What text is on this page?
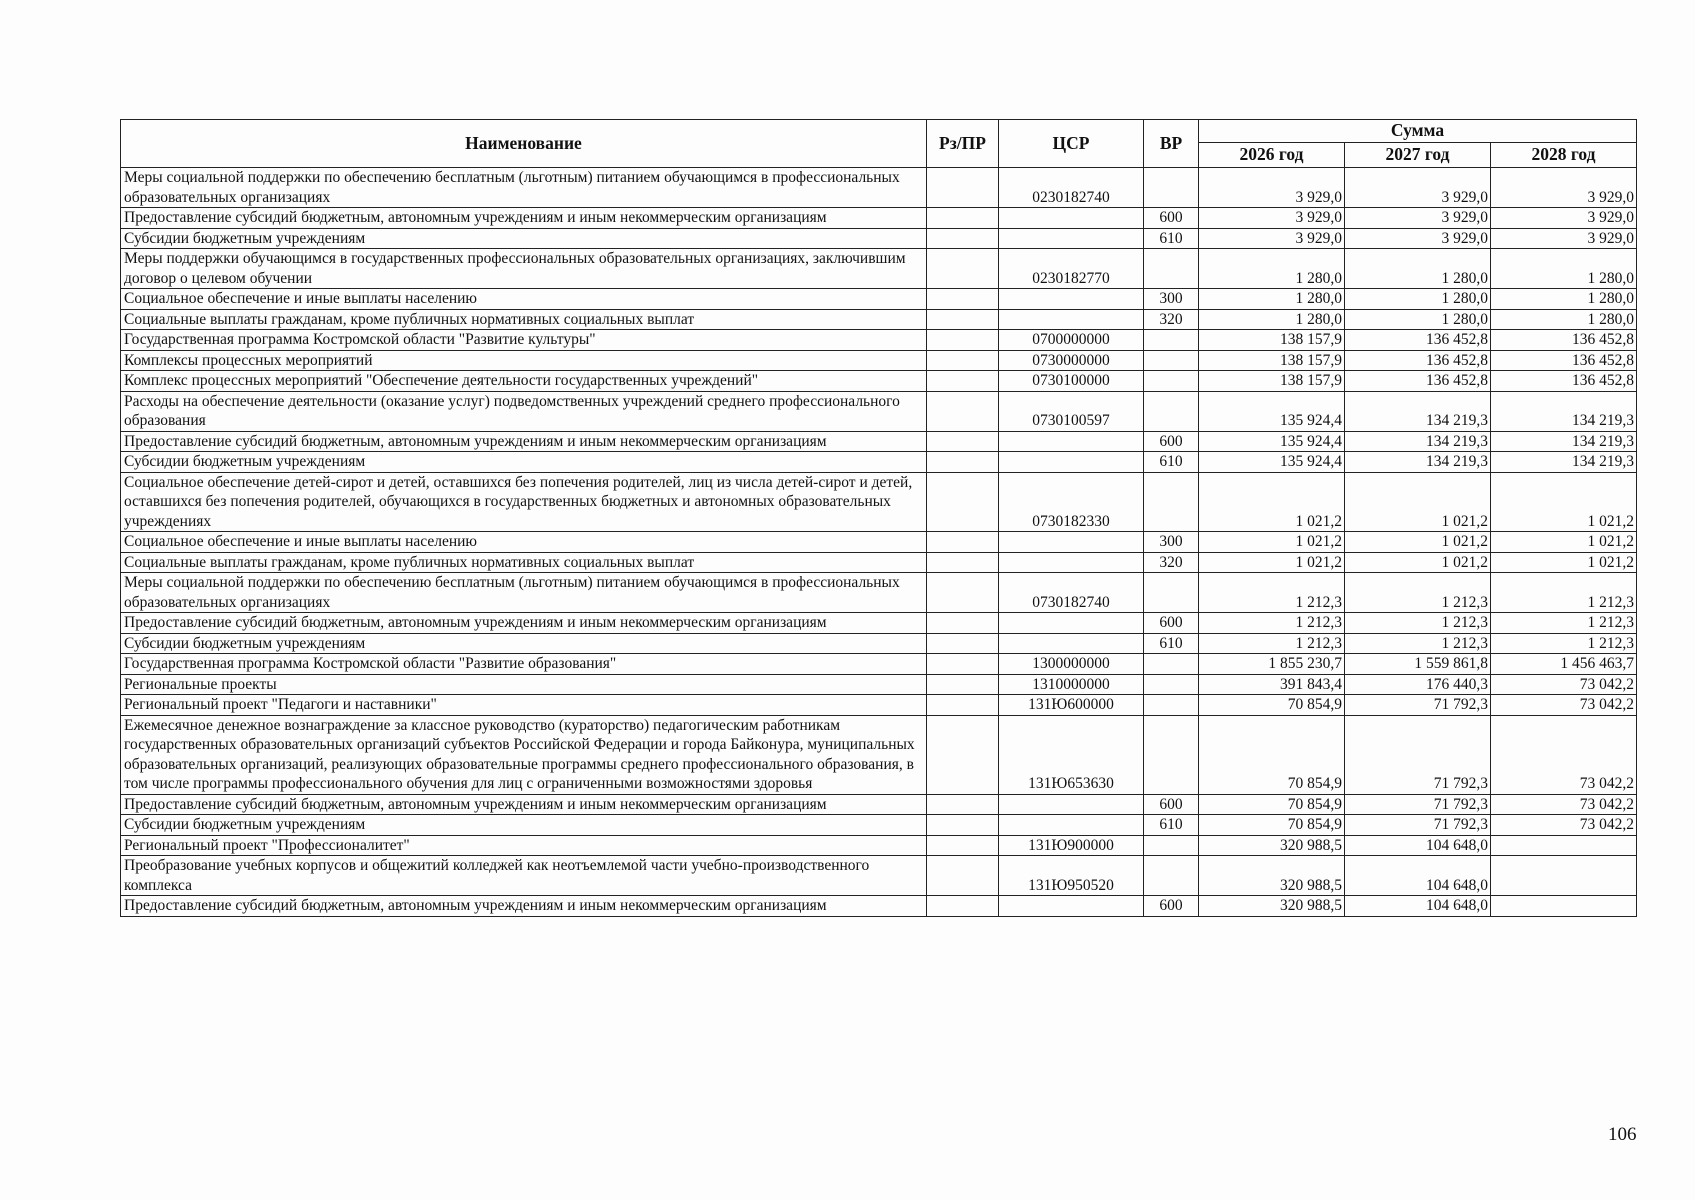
Наименование	Рз/ПР	ЦСР	ВР	Сумма		
				2026 год	2027 год	2028 год
Меры социальной поддержки по обеспечению бесплатным (льготным) питанием обучающимся в профессиональных образовательных организациях		0230182740		3 929,0	3 929,0	3 929,0
Предоставление субсидий бюджетным, автономным учреждениям и иным некоммерческим организациям			600	3 929,0	3 929,0	3 929,0
Субсидии бюджетным учреждениям			610	3 929,0	3 929,0	3 929,0
Меры поддержки обучающимся в государственных профессиональных образовательных организациях, заключившим договор о целевом обучении		0230182770		1 280,0	1 280,0	1 280,0
Социальное обеспечение и иные выплаты населению			300	1 280,0	1 280,0	1 280,0
Социальные выплаты гражданам, кроме публичных нормативных социальных выплат			320	1 280,0	1 280,0	1 280,0
Государственная программа Костромской области "Развитие культуры"		0700000000		138 157,9	136 452,8	136 452,8
Комплексы процессных мероприятий		0730000000		138 157,9	136 452,8	136 452,8
Комплекс процессных мероприятий "Обеспечение деятельности государственных учреждений"		0730100000		138 157,9	136 452,8	136 452,8
Расходы на обеспечение деятельности (оказание услуг) подведомственных учреждений среднего профессионального образования		0730100597		135 924,4	134 219,3	134 219,3
Предоставление субсидий бюджетным, автономным учреждениям и иным некоммерческим организациям			600	135 924,4	134 219,3	134 219,3
Субсидии бюджетным учреждениям			610	135 924,4	134 219,3	134 219,3
Социальное обеспечение детей-сирот и детей, оставшихся без попечения родителей, лиц из числа детей-сирот и детей, оставшихся без попечения родителей, обучающихся в государственных бюджетных и автономных образовательных учреждениях		0730182330		1 021,2	1 021,2	1 021,2
Социальное обеспечение и иные выплаты населению			300	1 021,2	1 021,2	1 021,2
Социальные выплаты гражданам, кроме публичных нормативных социальных выплат			320	1 021,2	1 021,2	1 021,2
Меры социальной поддержки по обеспечению бесплатным (льготным) питанием обучающимся в профессиональных образовательных организациях		0730182740		1 212,3	1 212,3	1 212,3
Предоставление субсидий бюджетным, автономным учреждениям и иным некоммерческим организациям			600	1 212,3	1 212,3	1 212,3
Субсидии бюджетным учреждениям			610	1 212,3	1 212,3	1 212,3
Государственная программа Костромской области "Развитие образования"		1300000000		1 855 230,7	1 559 861,8	1 456 463,7
Региональные проекты		1310000000		391 843,4	176 440,3	73 042,2
Региональный проект "Педагоги и наставники"		131Ю600000		70 854,9	71 792,3	73 042,2
Ежемесячное денежное вознаграждение за классное руководство (кураторство) педагогическим работникам государственных образовательных организаций субъектов Российской Федерации и города Байконура, муниципальных образовательных организаций, реализующих образовательные программы среднего профессионального образования, в том числе программы профессионального обучения для лиц с ограниченными возможностями здоровья		131Ю653630		70 854,9	71 792,3	73 042,2
Предоставление субсидий бюджетным, автономным учреждениям и иным некоммерческим организациям			600	70 854,9	71 792,3	73 042,2
Субсидии бюджетным учреждениям			610	70 854,9	71 792,3	73 042,2
Региональный проект "Профессионалитет"		131Ю900000		320 988,5	104 648,0	
Преобразование учебных корпусов и общежитий колледжей как неотъемлемой части учебно-производственного комплекса		131Ю950520		320 988,5	104 648,0	
Предоставление субсидий бюджетным, автономным учреждениям и иным некоммерческим организациям			600	320 988,5	104 648,0	
106
